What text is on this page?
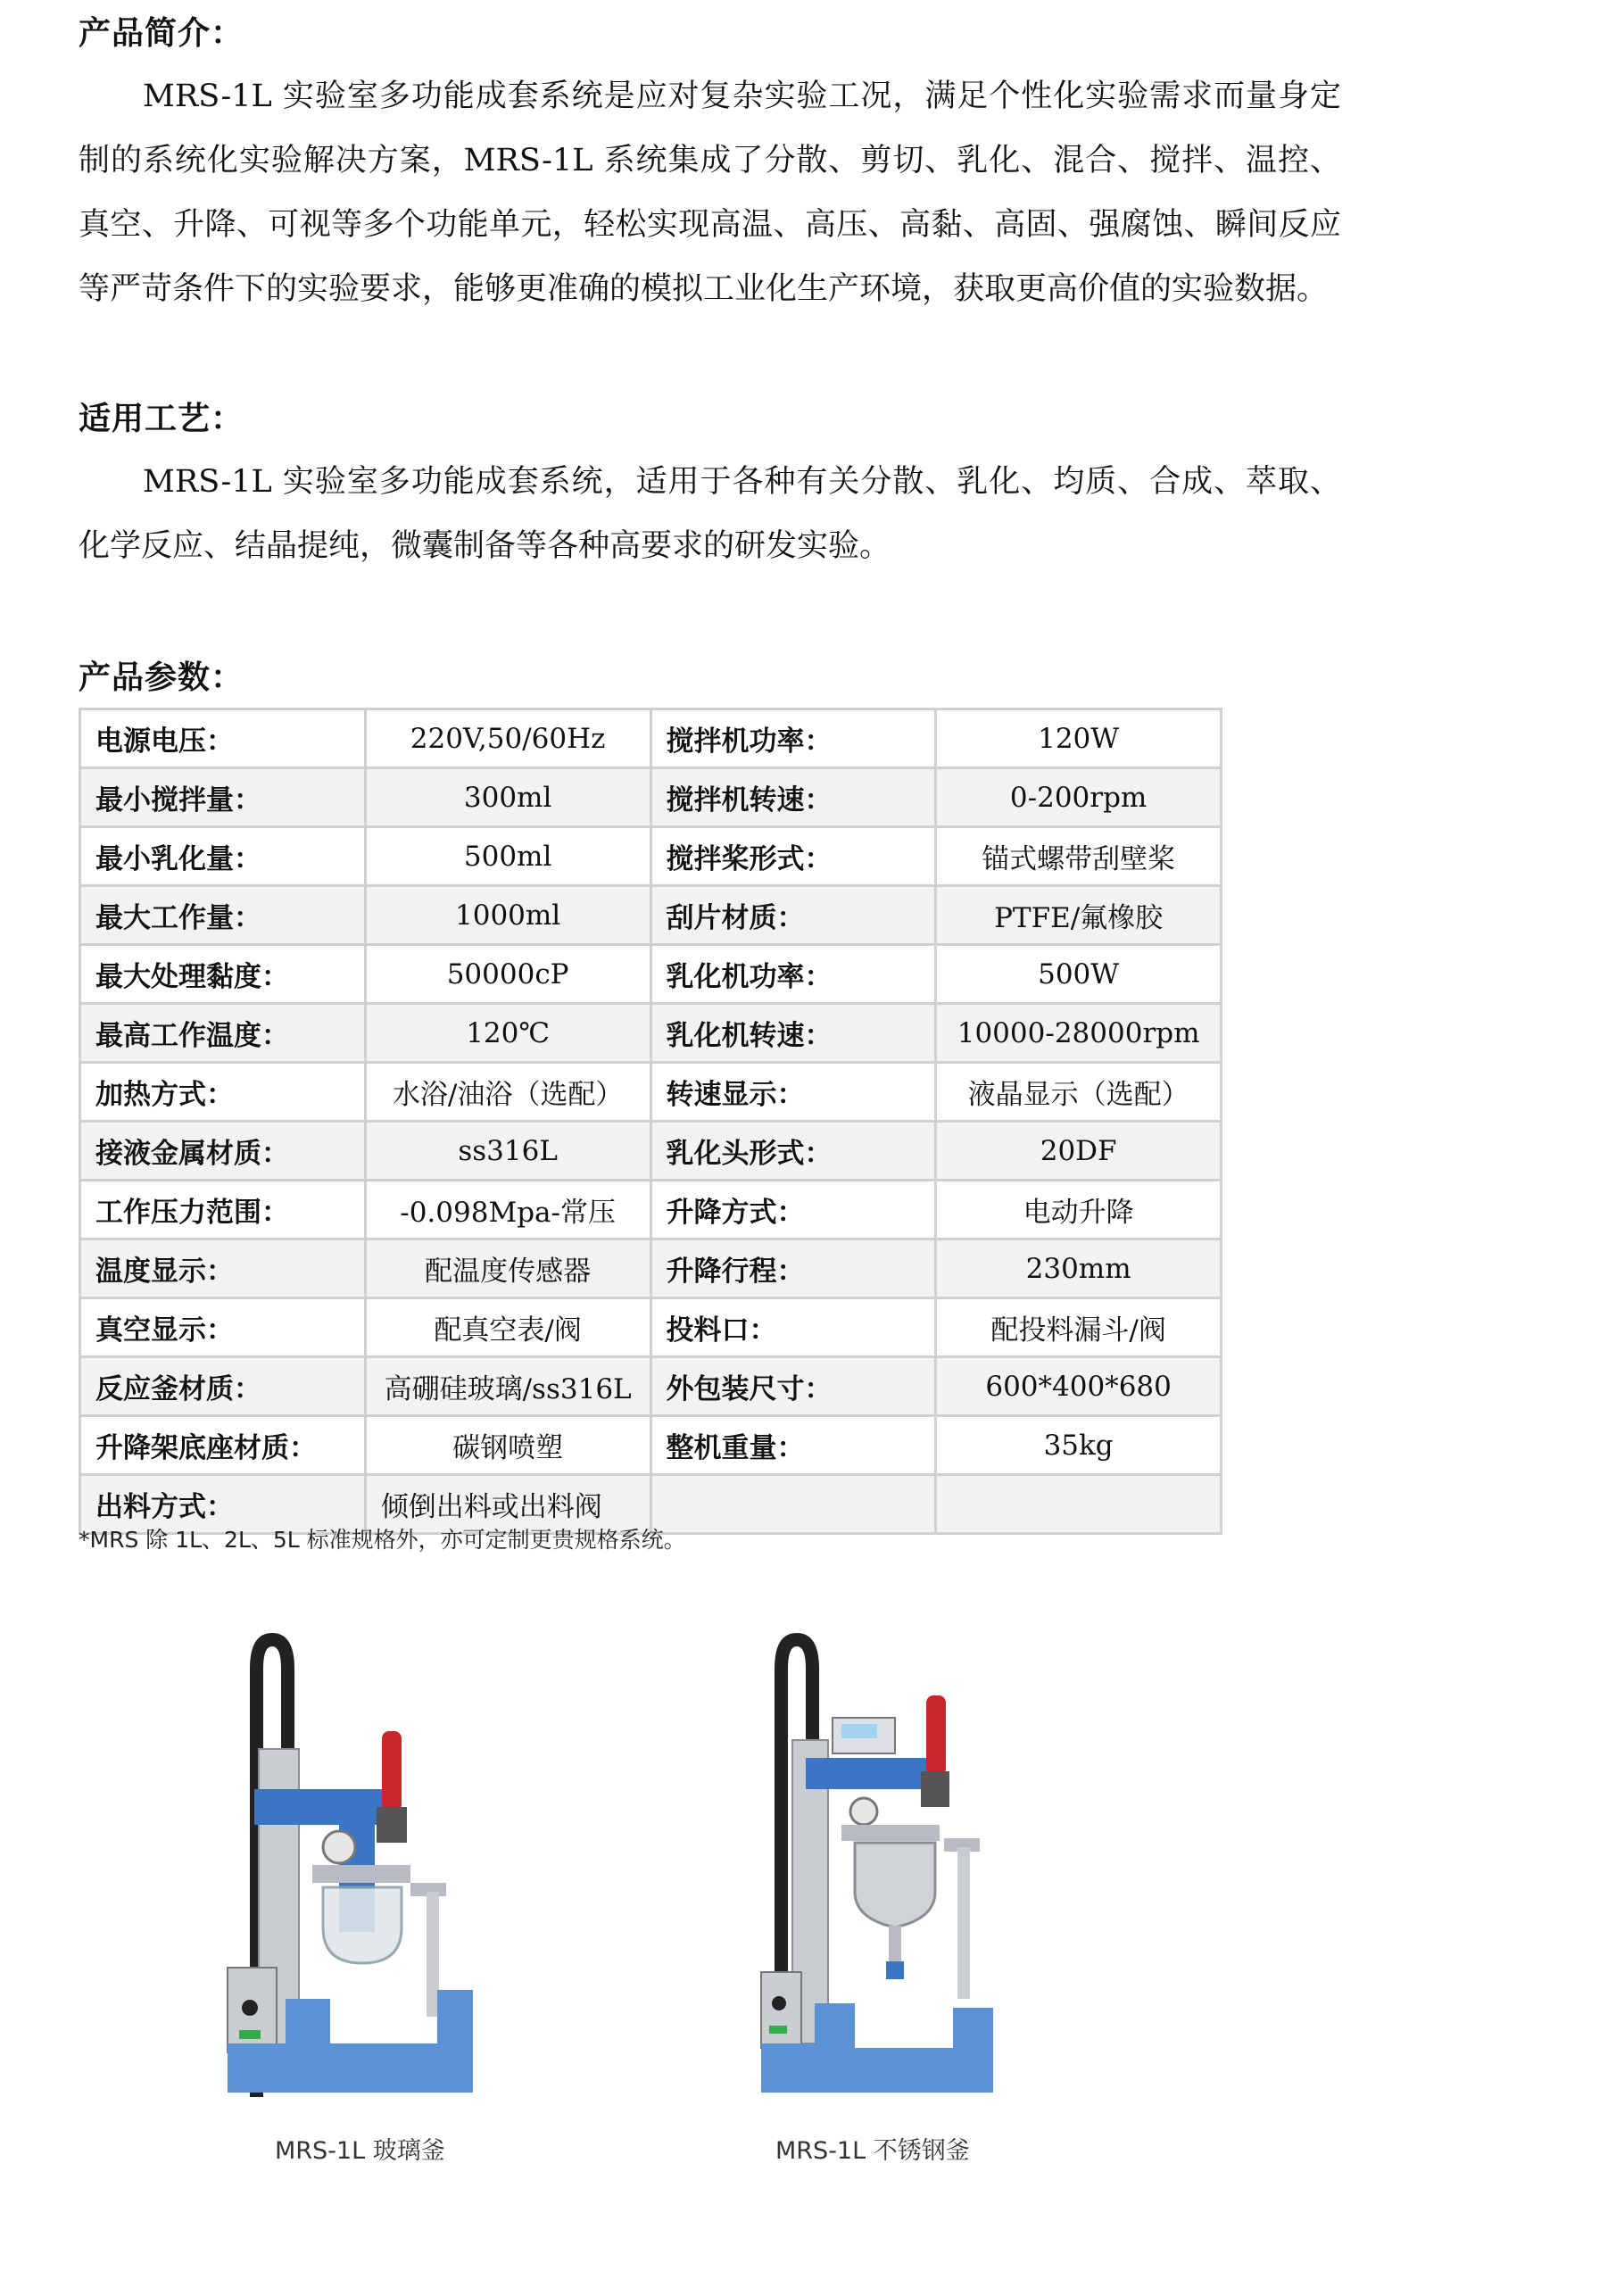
产品简介：

MRS-1L 实验室多功能成套系统是应对复杂实验工况，满足个性化实验需求而量身定制的系统化实验解决方案，MRS-1L 系统集成了分散、剪切、乳化、混合、搅拌、温控、真空、升降、可视等多个功能单元，轻松实现高温、高压、高黏、高固、强腐蚀、瞬间反应等严苛条件下的实验要求，能够更准确的模拟工业化生产环境，获取更高价值的实验数据。

适用工艺：

MRS-1L 实验室多功能成套系统，适用于各种有关分散、乳化、均质、合成、萃取、化学反应、结晶提纯，微囊制备等各种高要求的研发实验。

产品参数：
电源电压：	220V,50/60Hz	搅拌机功率：	120W
最小搅拌量：	300ml	搅拌机转速：	0-200rpm
最小乳化量：	500ml	搅拌桨形式：	锚式螺带刮壁桨
最大工作量：	1000ml	刮片材质：	PTFE/氟橡胶
最大处理黏度：	50000cP	乳化机功率：	500W
最高工作温度：	120℃	乳化机转速：	10000-28000rpm
加热方式：	水浴/油浴（选配）	转速显示：	液晶显示（选配）
接液金属材质：	ss316L	乳化头形式：	20DF
工作压力范围：	-0.098Mpa-常压	升降方式：	电动升降
温度显示：	配温度传感器	升降行程：	230mm
真空显示：	配真空表/阀	投料口：	配投料漏斗/阀
反应釜材质：	高硼硅玻璃/ss316L	外包装尺寸：	600*400*680
升降架底座材质：	碳钢喷塑	整机重量：	35kg
出料方式：	倾倒出料或出料阀		
*MRS 除 1L、2L、5L 标准规格外，亦可定制更贵规格系统。
MRS-1L 玻璃釜	MRS-1L 不锈钢釜
